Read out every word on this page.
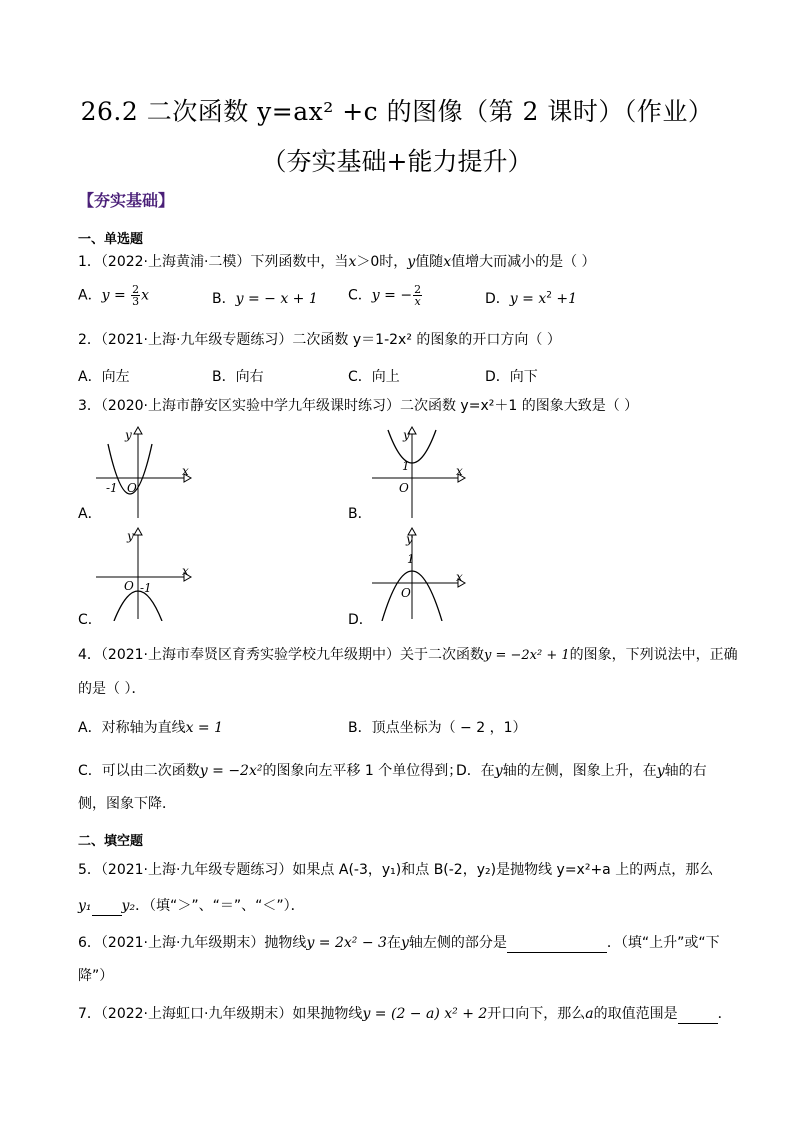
26.2 二次函数 y=ax² +c 的图像（第 2 课时）（作业）
（夯实基础+能力提升）
【夯实基础】
一、单选题
1．（2022·上海黄浦·二模）下列函数中，当x＞0时，y值随x值增大而减小的是（ ）
A．$y = \frac{2}{3}$ x	B．y = − x + 1 C．y = − $\frac{2}{x}$	D．$y = x^2 +1$
2．（2021·上海·九年级专题练习）二次函数 y＝1-2x² 的图象的开口方向（ ）
A．向左	B．向右	C．向上	D．向下
3．（2020·上海市静安区实验中学九年级课时练习）二次函数 y=x²＋1 的图象大致是（ ）
A．
y
x
-1 O
B．
y
x
1
O
C．
y
x
O -1
D．
y
x
1
O
4．（2021·上海市奉贤区育秀实验学校九年级期中）关于二次函数y = −2x² + 1的图象，下列说法中，正确
的是（ ）．
A．对称轴为直线x = 1	B．顶点坐标为（ − 2 ，1）
C．可以由二次函数y = −2x²的图象向左平移 1 个单位得到；
D．在y轴的左侧，图象上升，在y轴的右
侧，图象下降．
二、填空题
5．（2021·上海·九年级专题练习）如果点 A(-3，y₁)和点 B(-2，y₂)是抛物线 y=x²+a 上的两点，那么
y₁ y₂．（填“＞”、“＝”、“＜”）．
6．（2021·上海·九年级期末）抛物线y = 2x² − 3在y轴左侧的部分是	．（填“上升”或“下
降”）
7．（2022·上海虹口·九年级期末）如果抛物线y = (2 − a) x² + 2开口向下，那么a的取值范围是	．
